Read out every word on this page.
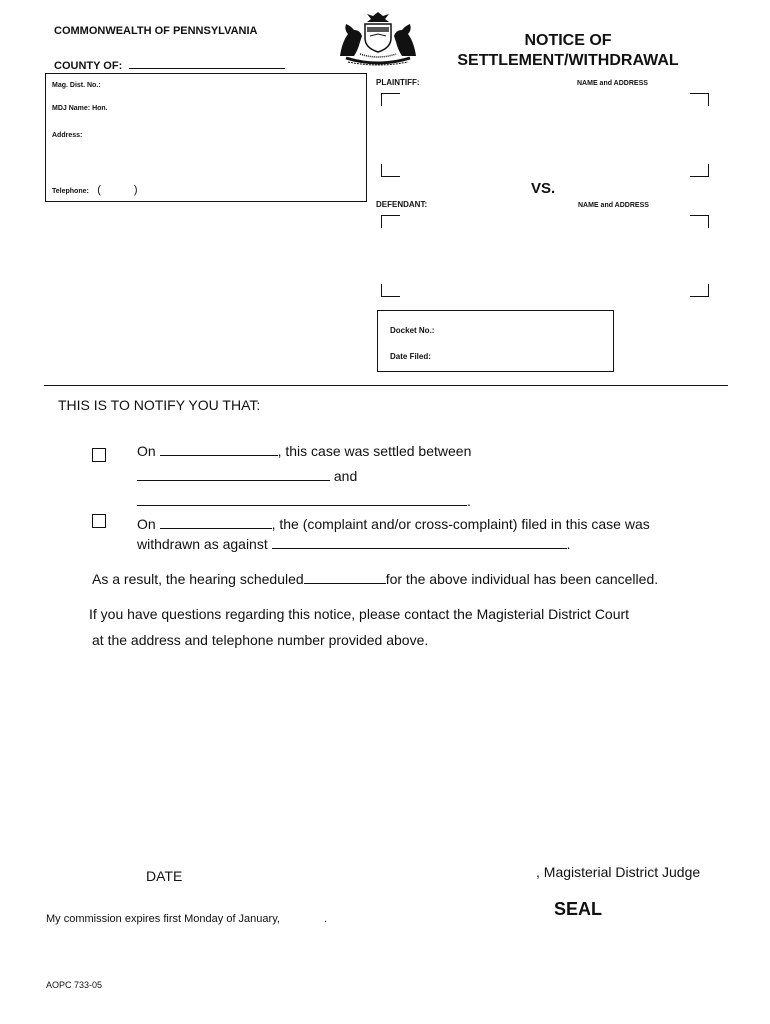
COMMONWEALTH OF PENNSYLVANIA
COUNTY OF:
NOTICE OF
SETTLEMENT/WITHDRAWAL
Mag. Dist. No.:
MDJ Name: Hon.
Address:
Telephone: (	)
PLAINTIFF:	NAME and ADDRESS
VS.
DEFENDANT:	NAME and ADDRESS
Docket No.:
Date Filed:
THIS IS TO NOTIFY YOU THAT:
On	, this case was settled between
and
.
On	, the (complaint and/or cross-complaint) filed in this case was
withdrawn as against	.
As a result, the hearing scheduled	for the above individual has been cancelled.
If you have questions regarding this notice, please contact the Magisterial District Court
at the address and telephone number provided above.
DATE	, Magisterial District Judge
My commission expires first Monday of January,	.	SEAL
AOPC 733-05
